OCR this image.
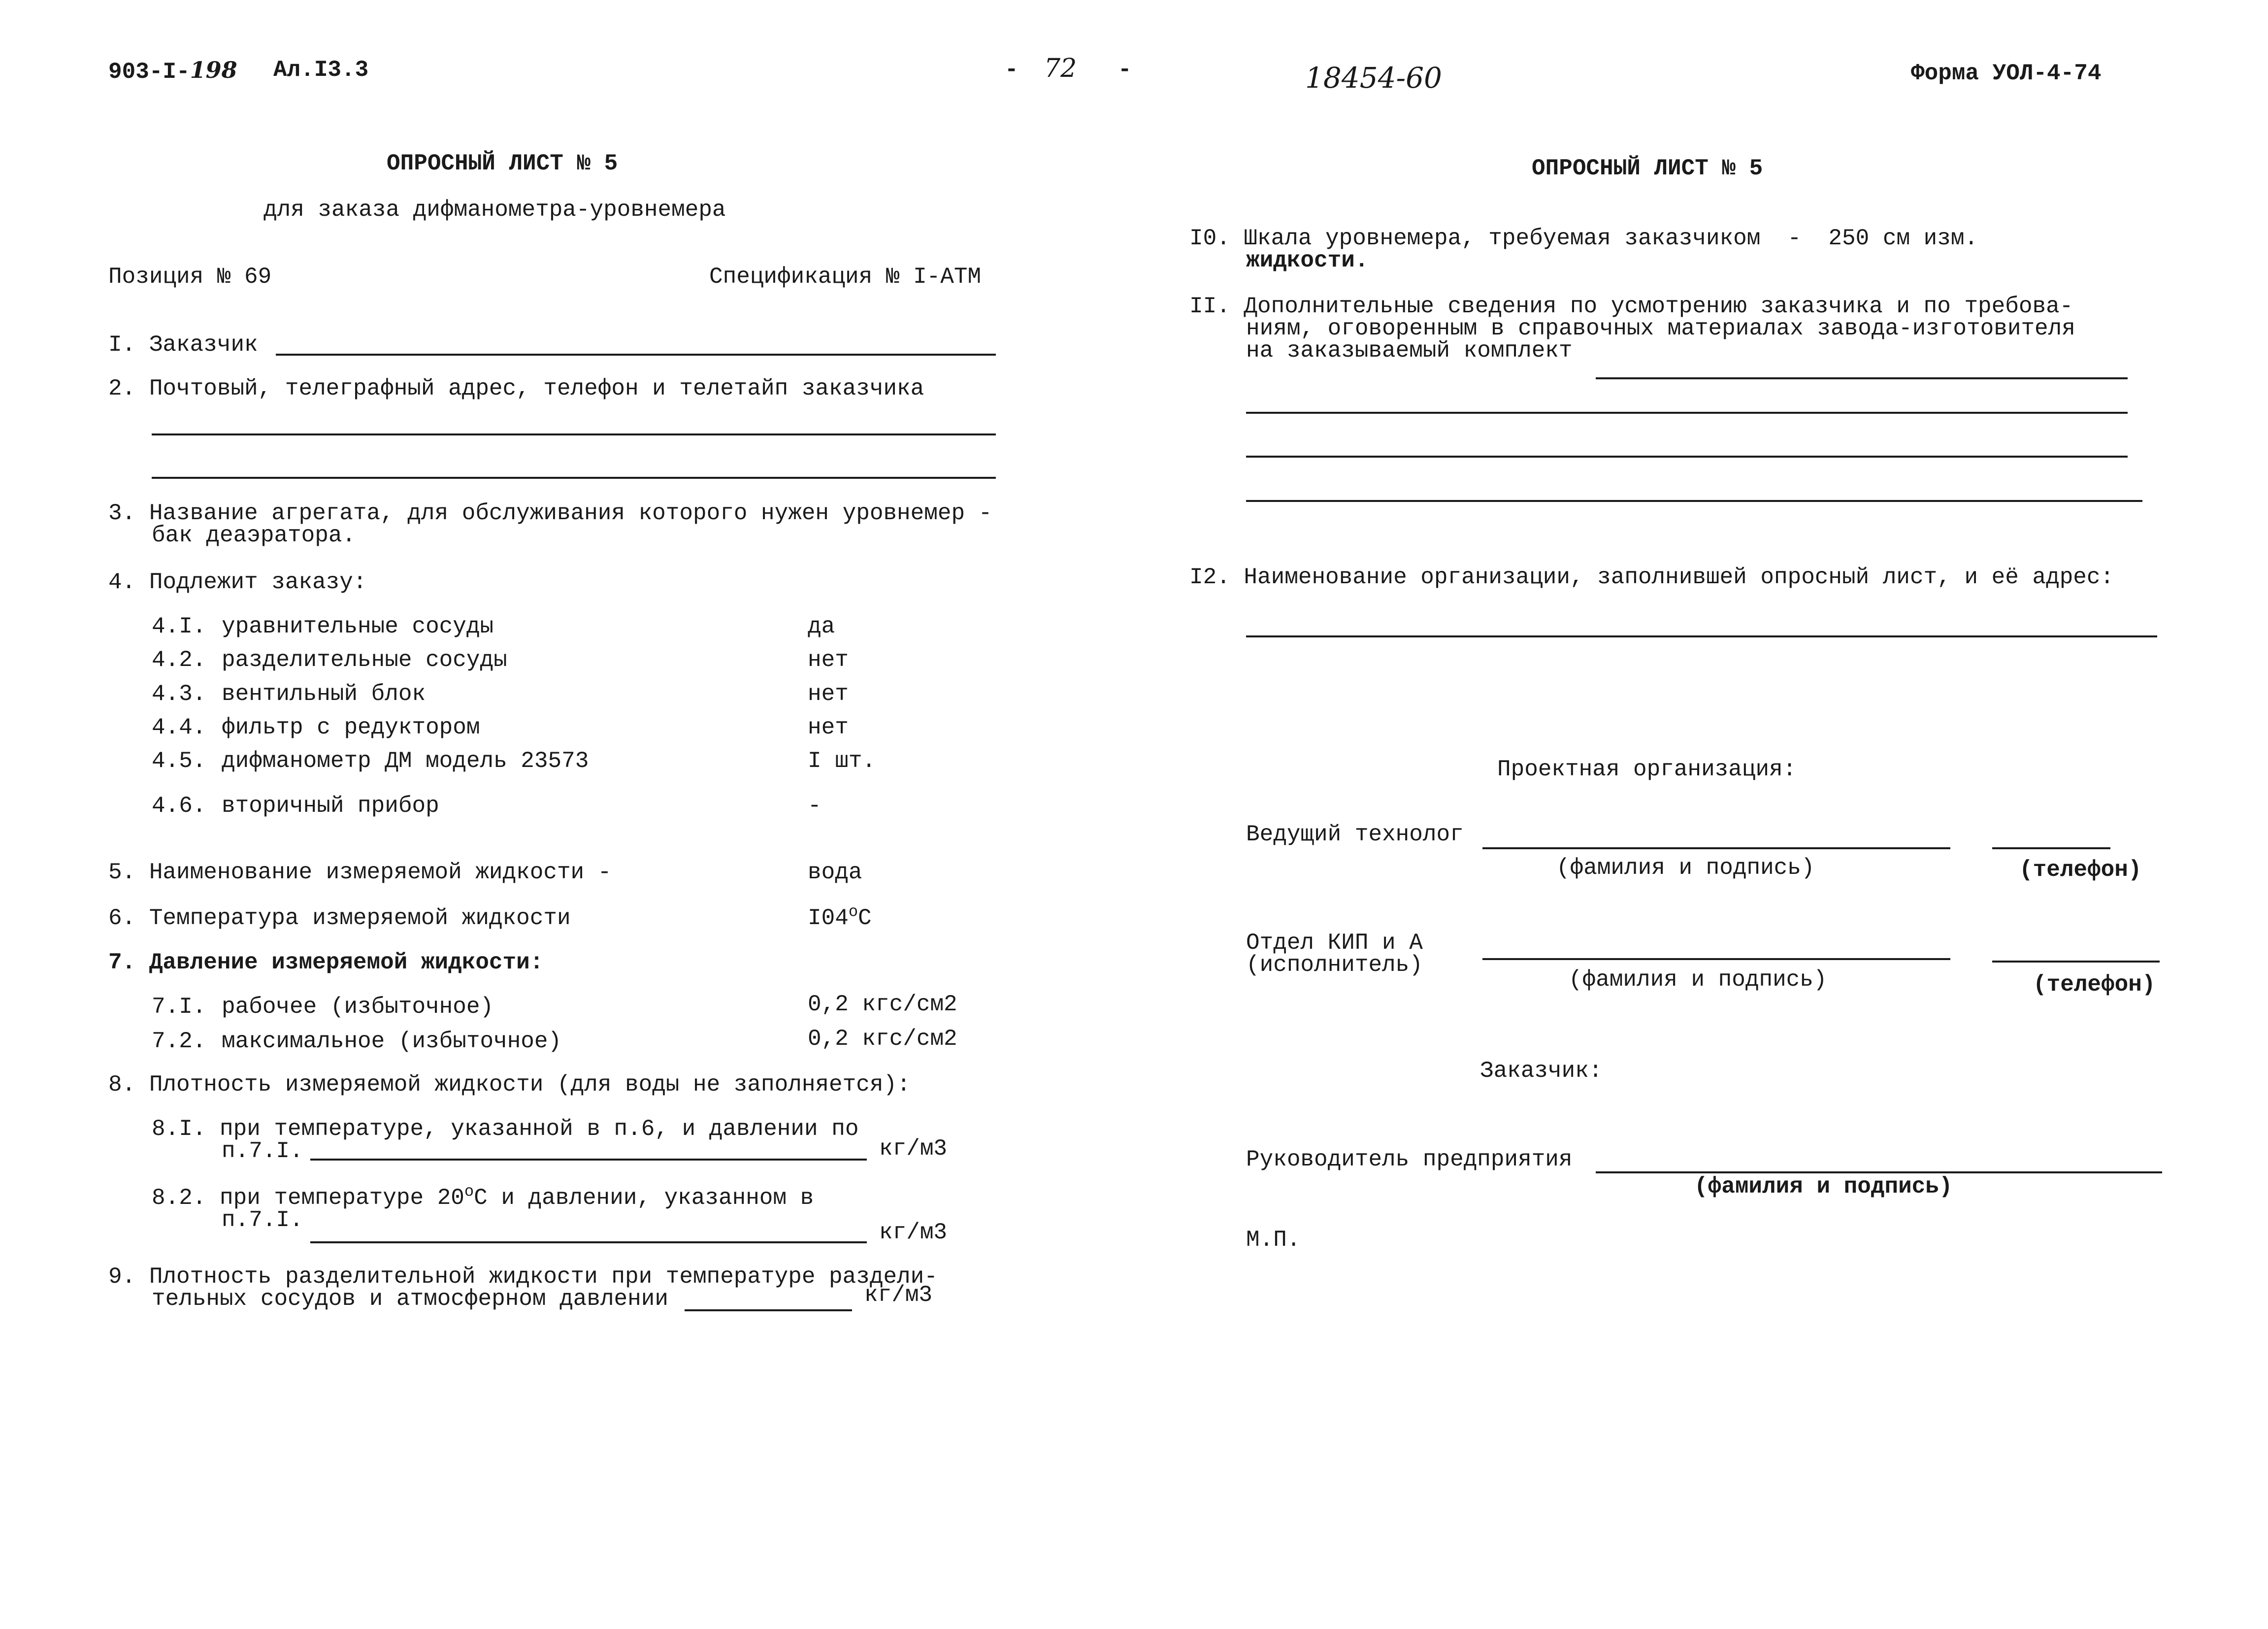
903-I-198 Ал.I3.3	- 72 -	18454-60	Форма УОЛ-4-74
ОПРОСНЫЙ ЛИСТ № 5
для заказа дифманометра-уровнемера
Позиция № 69	Спецификация № I-АТМ
I. Заказчик
2. Почтовый, телеграфный адрес, телефон и телетайп заказчика
3. Название агрегата, для обслуживания которого нужен уровнемер -
бак деаэратора.
4. Подлежит заказу:
4.I. уравнительные сосуды	да
4.2. разделительные сосуды	нет
4.3. вентильный блок	нет
4.4. фильтр с редуктором	нет
4.5. дифманометр ДМ модель 23573	I шт.
4.6. вторичный прибор	-
5. Наименование измеряемой жидкости -	вода
6. Температура измеряемой жидкости	$I04^оС$
7. Давление измеряемой жидкости:
7.I. рабочее (избыточное)	0,2 кгс/см2
7.2. максимальное (избыточное)	0,2 кгс/см2
8. Плотность измеряемой жидкости (для воды не заполняется):
8.I. при температуре, указанной в п.6, и давлении по
п.7.I.	кг/м3
8.2. при температуре $20^оС$ и давлении, указанном в
п.7.I.	кг/м3
9. Плотность разделительной жидкости при температуре раздели-
тельных сосудов и атмосферном давлении	кг/м3
ОПРОСНЫЙ ЛИСТ № 5
I0. Шкала уровнемера, требуемая заказчиком  -  250 см изм.
жидкости.
II. Дополнительные сведения по усмотрению заказчика и по требова-
ниям, оговоренным в справочных материалах завода-изготовителя
на заказываемый комплект
I2. Наименование организации, заполнившей опросный лист, и её адрес:
Проектная организация:
Ведущий технолог
(фамилия и подпись)	(телефон)
Отдел КИП и А
(исполнитель)
(фамилия и подпись)	(телефон)
Заказчик:
Руководитель предприятия
(фамилия и подпись)
М.П.
